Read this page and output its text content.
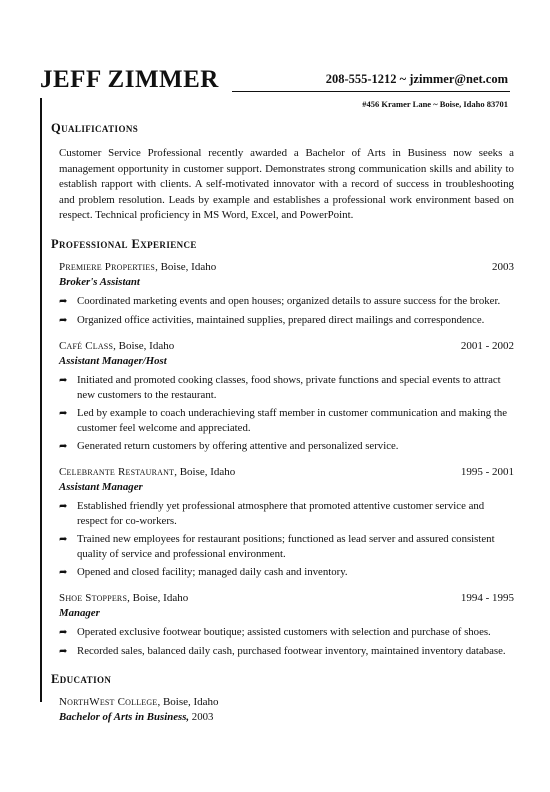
JEFF ZIMMER	208-555-1212 ~ jzimmer@net.com
#456 Kramer Lane ~ Boise, Idaho 83701
Qualifications

Customer Service Professional recently awarded a Bachelor of Arts in Business now seeks a management opportunity in customer support. Demonstrates strong communication skills and ability to establish rapport with clients. A self-motivated innovator with a record of success in troubleshooting and problem resolution. Leads by example and establishes a professional work environment based on respect. Technical proficiency in MS Word, Excel, and PowerPoint.

Professional Experience
Premiere Properties, Boise, Idaho	2003
Broker's Assistant
➦ Coordinated marketing events and open houses; organized details to assure success for the broker.
➦ Organized office activities, maintained supplies, prepared direct mailings and correspondence.
Café Class, Boise, Idaho	2001 - 2002
Assistant Manager/Host
➦ Initiated and promoted cooking classes, food shows, private functions and special events to attract new customers to the restaurant.
➦ Led by example to coach underachieving staff member in customer communication and making the customer feel welcome and appreciated.
➦ Generated return customers by offering attentive and personalized service.
Celebrante Restaurant, Boise, Idaho	1995 - 2001
Assistant Manager
➦ Established friendly yet professional atmosphere that promoted attentive customer service and respect for co-workers.
➦ Trained new employees for restaurant positions; functioned as lead server and assured consistent quality of service and professional environment.
➦ Opened and closed facility; managed daily cash and inventory.
Shoe Stoppers, Boise, Idaho	1994 - 1995
Manager
➦ Operated exclusive footwear boutique; assisted customers with selection and purchase of shoes.
➦ Recorded sales, balanced daily cash, purchased footwear inventory, maintained inventory database.
Education
NorthWest College, Boise, Idaho
Bachelor of Arts in Business, 2003
